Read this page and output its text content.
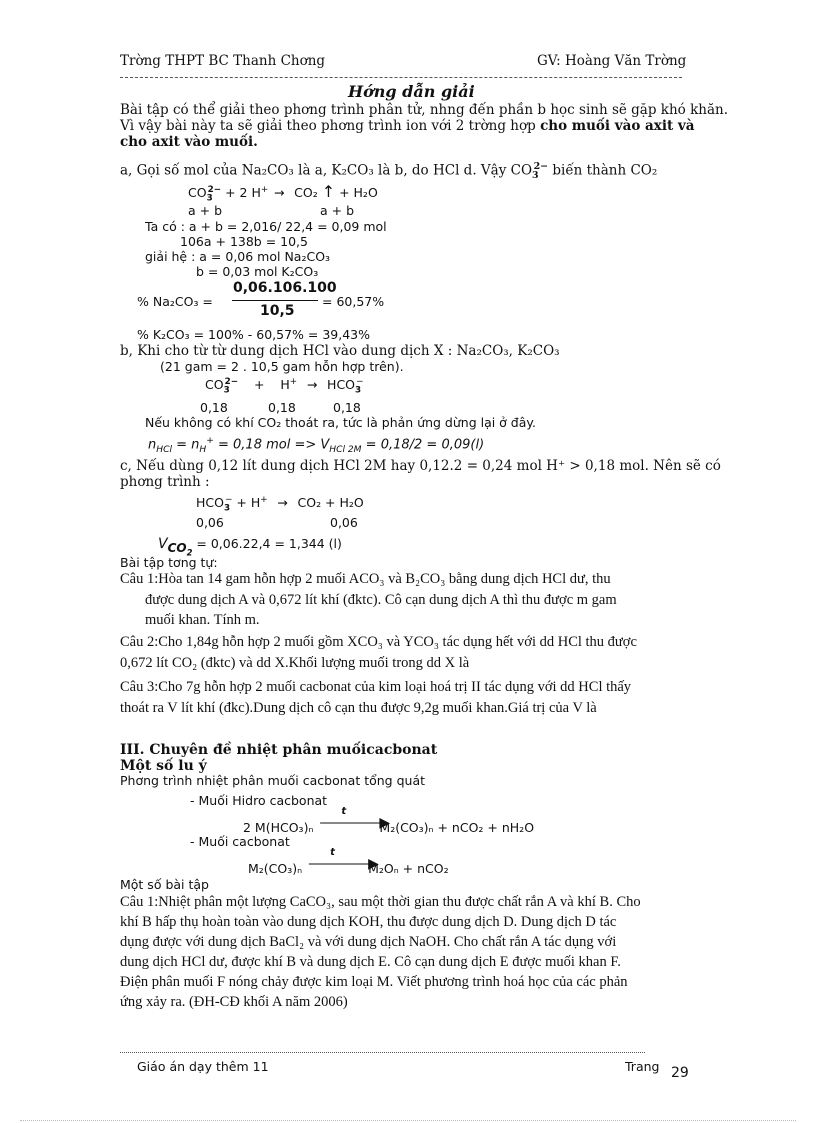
Trờng THPT BC Thanh Chơng	GV: Hoàng Văn Trờng
Hớng dẫn giải
Bài tập có thể giải theo phơng trình phân tử, nhng đến phần b học sinh sẽ gặp khó khăn.
Vì vậy bài này ta sẽ giải theo phơng trình ion với 2 trờng hợp cho muối vào axit và
cho axit vào muối.
a, Gọi số mol của Na₂CO₃ là a, K₂CO₃ là b, do HCl d. Vậy $CO_3^{2-}$ biến thành CO₂
$CO_3^{2-} + 2$ H+ → CO₂ ↑ + H₂O
a + b	a + b
Ta có : a + b = 2,016/ 22,4 = 0,09 mol
106a + 138b = 10,5
giải hệ : a = 0,06 mol Na₂CO₃
b = 0,03 mol K₂CO₃
% Na₂CO₃ =
0,06.106.100
10,5
= 60,57%
% K₂CO₃ = 100% - 60,57% = 39,43%
b, Khi cho từ từ dung dịch HCl vào dung dịch X : Na₂CO₃, K₂CO₃
(21 gam = 2 . 10,5 gam hỗn hợp trên).
$CO_3^{2-} + H^+ \to HCO_3^-$
0,18	0,18	0,18
Nếu không có khí CO₂ thoát ra, tức là phản ứng dừng lại ở đây.
$n_{HCl} = n_H^+ = 0,18$ mol => $V_{HCl 2M} = 0,18/2 = 0,09(l)$
c, Nếu dùng 0,12 lít dung dịch HCl 2M hay 0,12.2 = 0,24 mol H⁺ > 0,18 mol. Nên sẽ có
phơng trình :
$HCO_3^- + H^+ \to CO_2 + H_2O$
0,06	0,06
$V_{CO_2} = 0,06.22,4 = 1,344$ (l)
Bài tập tơng tự:
Câu 1:Hòa tan 14 gam hỗn hợp 2 muối ACO₃ và B₂CO₃ bằng dung dịch HCl dư, thu
được dung dịch A và 0,672 lít khí (đktc). Cô cạn dung dịch A thì thu được m gam
muối khan. Tính m.
Câu 2:Cho 1,84g hỗn hợp 2 muối gồm XCO₃ và YCO₃ tác dụng hết với dd HCl thu được
0,672 lít CO₂ (đktc) và dd X.Khối lượng muối trong dd X là
Câu 3:Cho 7g hỗn hợp 2 muối cacbonat của kim loại hoá trị II tác dụng với dd HCl thấy
thoát ra V lít khí (đkc).Dung dịch cô cạn thu được 9,2g muối khan.Giá trị của V là
III. Chuyên đề nhiệt phân muốicacbonat
Một số lu ý
Phơng trình nhiệt phân muối cacbonat tổng quát
- Muối Hidro cacbonat
2 M(HCO₃)ₙ
t
—————▶
M₂(CO₃)ₙ + nCO₂ + nH₂O
- Muối cacbonat
M₂(CO₃)ₙ
t
—————▶
M₂Oₙ + nCO₂
Một số bài tập
Câu 1:Nhiệt phân một lượng CaCO₃, sau một thời gian thu được chất rắn A và khí B. Cho
khí B hấp thụ hoàn toàn vào dung dịch KOH, thu được dung dịch D. Dung dịch D tác
dụng được với dung dịch BaCl₂ và với dung dịch NaOH. Cho chất rắn A tác dụng với
dung dịch HCl dư, được khí B và dung dịch E. Cô cạn dung dịch E được muối khan F.
Điện phân muối F nóng chảy được kim loại M. Viết phương trình hoá học của các phản
ứng xảy ra. (ĐH-CĐ khối A năm 2006)
Giáo án dạy thêm 11	Trang 29
